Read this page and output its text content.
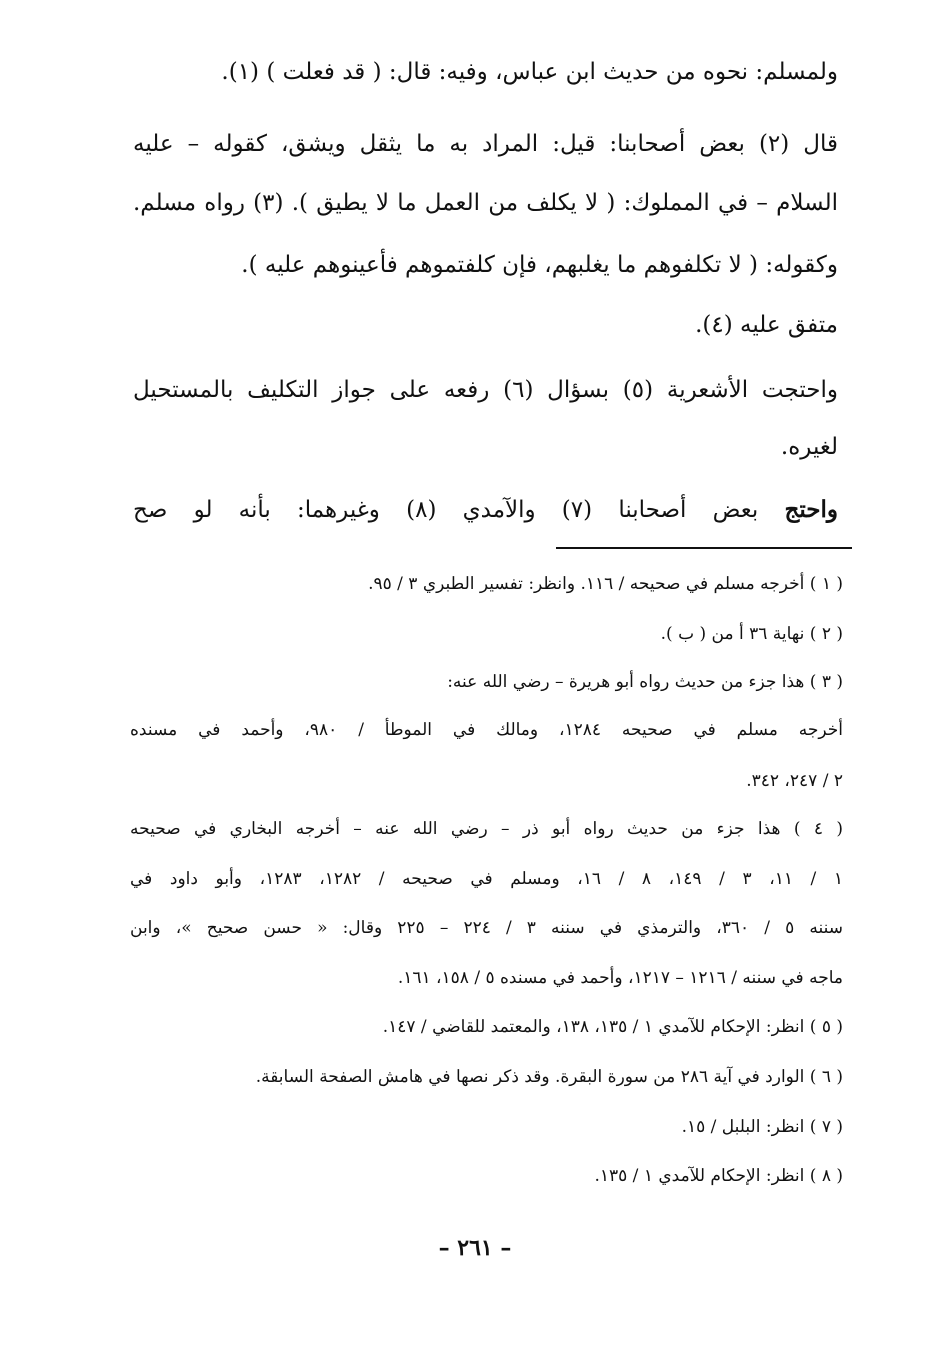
ولمسلم: نحوه من حديث ابن عباس، وفيه: قال: ( قد فعلت ) (١).
قال (٢) بعض أصحابنا: قيل: المراد به ما يثقل ويشق، كقوله – عليه
السلام – في المملوك: ( لا يكلف من العمل ما لا يطيق ). (٣) رواه مسلم.
وكقوله: ( لا تكلفوهم ما يغلبهم، فإن كلفتموهم فأعينوهم عليه ).
متفق عليه (٤).
واحتجت الأشعرية (٥) بسؤال (٦) رفعه على جواز التكليف بالمستحيل
لغيره.
واحتج بعض أصحابنا (٧) والآمدي (٨) وغيرهما: بأنه لو صح
( ١ ) أخرجه مسلم في صحيحه / ١١٦. وانظر: تفسير الطبري ٣ / ٩٥.
( ٢ ) نهاية ٣٦ أ من ( ب ).
( ٣ ) هذا جزء من حديث رواه أبو هريرة – رضي الله عنه:
أخرجه مسلم في صحيحه ١٢٨٤، ومالك في الموطأ / ٩٨٠، وأحمد في مسنده
٢ / ٢٤٧، ٣٤٢.
( ٤ ) هذا جزء من حديث رواه أبو ذر – رضي الله عنه – أخرجه البخاري في صحيحه
١ / ١١، ٣ / ١٤٩، ٨ / ١٦، ومسلم في صحيحه / ١٢٨٢، ١٢٨٣، وأبو داود في
سننه ٥ / ٣٦٠، والترمذي في سننه ٣ / ٢٢٤ – ٢٢٥ وقال: « حسن صحيح »، وابن
ماجه في سننه / ١٢١٦ – ١٢١٧، وأحمد في مسنده ٥ / ١٥٨، ١٦١.
( ٥ ) انظر: الإحكام للآمدي ١ / ١٣٥، ١٣٨، والمعتمد للقاضي / ١٤٧.
( ٦ ) الوارد في آية ٢٨٦ من سورة البقرة. وقد ذكر نصها في هامش الصفحة السابقة.
( ٧ ) انظر: البلبل / ١٥.
( ٨ ) انظر: الإحكام للآمدي ١ / ١٣٥.
– ٢٦١ –
